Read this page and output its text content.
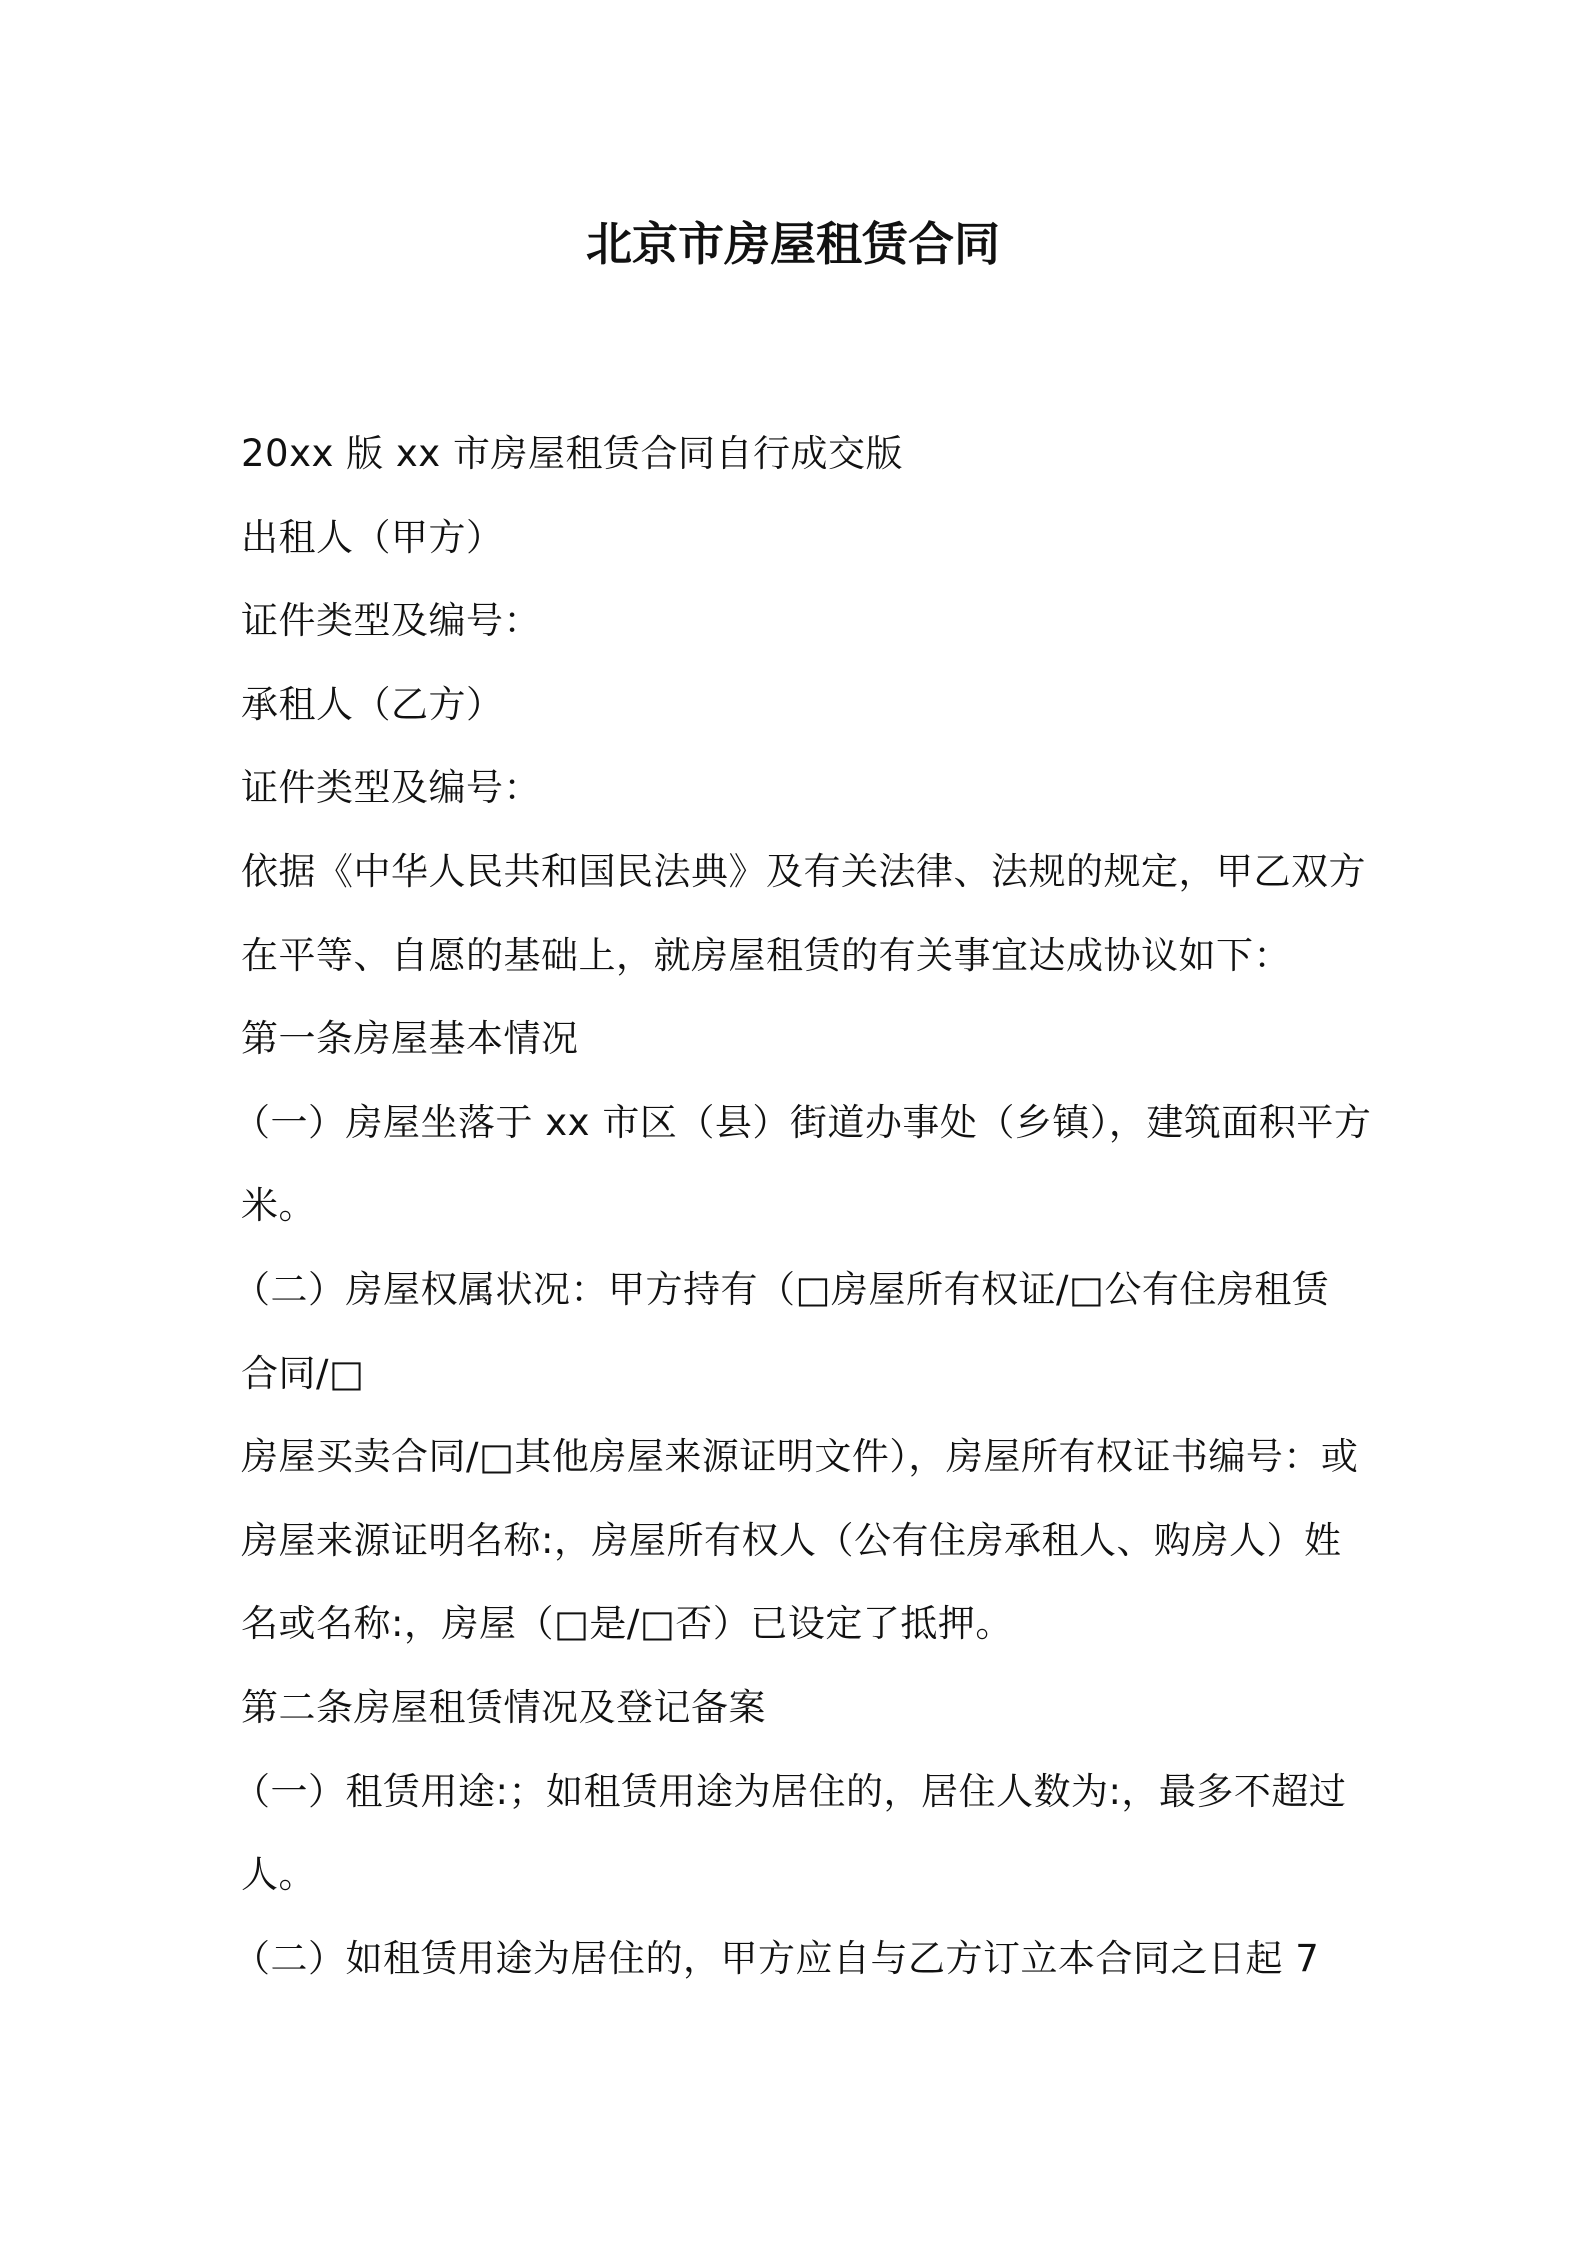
北京市房屋租赁合同
20xx 版 xx 市房屋租赁合同自行成交版
出租人（甲方）
证件类型及编号：
承租人（乙方）
证件类型及编号：
依据《中华人民共和国民法典》及有关法律、法规的规定，甲乙双方
在平等、自愿的基础上，就房屋租赁的有关事宜达成协议如下：
第一条房屋基本情况
（一）房屋坐落于 xx 市区（县）街道办事处（乡镇），建筑面积平方
米。
（二）房屋权属状况：甲方持有（□房屋所有权证/□公有住房租赁
合同/□
房屋买卖合同/□其他房屋来源证明文件），房屋所有权证书编号：或
房屋来源证明名称:，房屋所有权人（公有住房承租人、购房人）姓
名或名称:，房屋（□是/□否）已设定了抵押。
第二条房屋租赁情况及登记备案
（一）租赁用途:；如租赁用途为居住的，居住人数为:，最多不超过
人。
（二）如租赁用途为居住的，甲方应自与乙方订立本合同之日起 7
